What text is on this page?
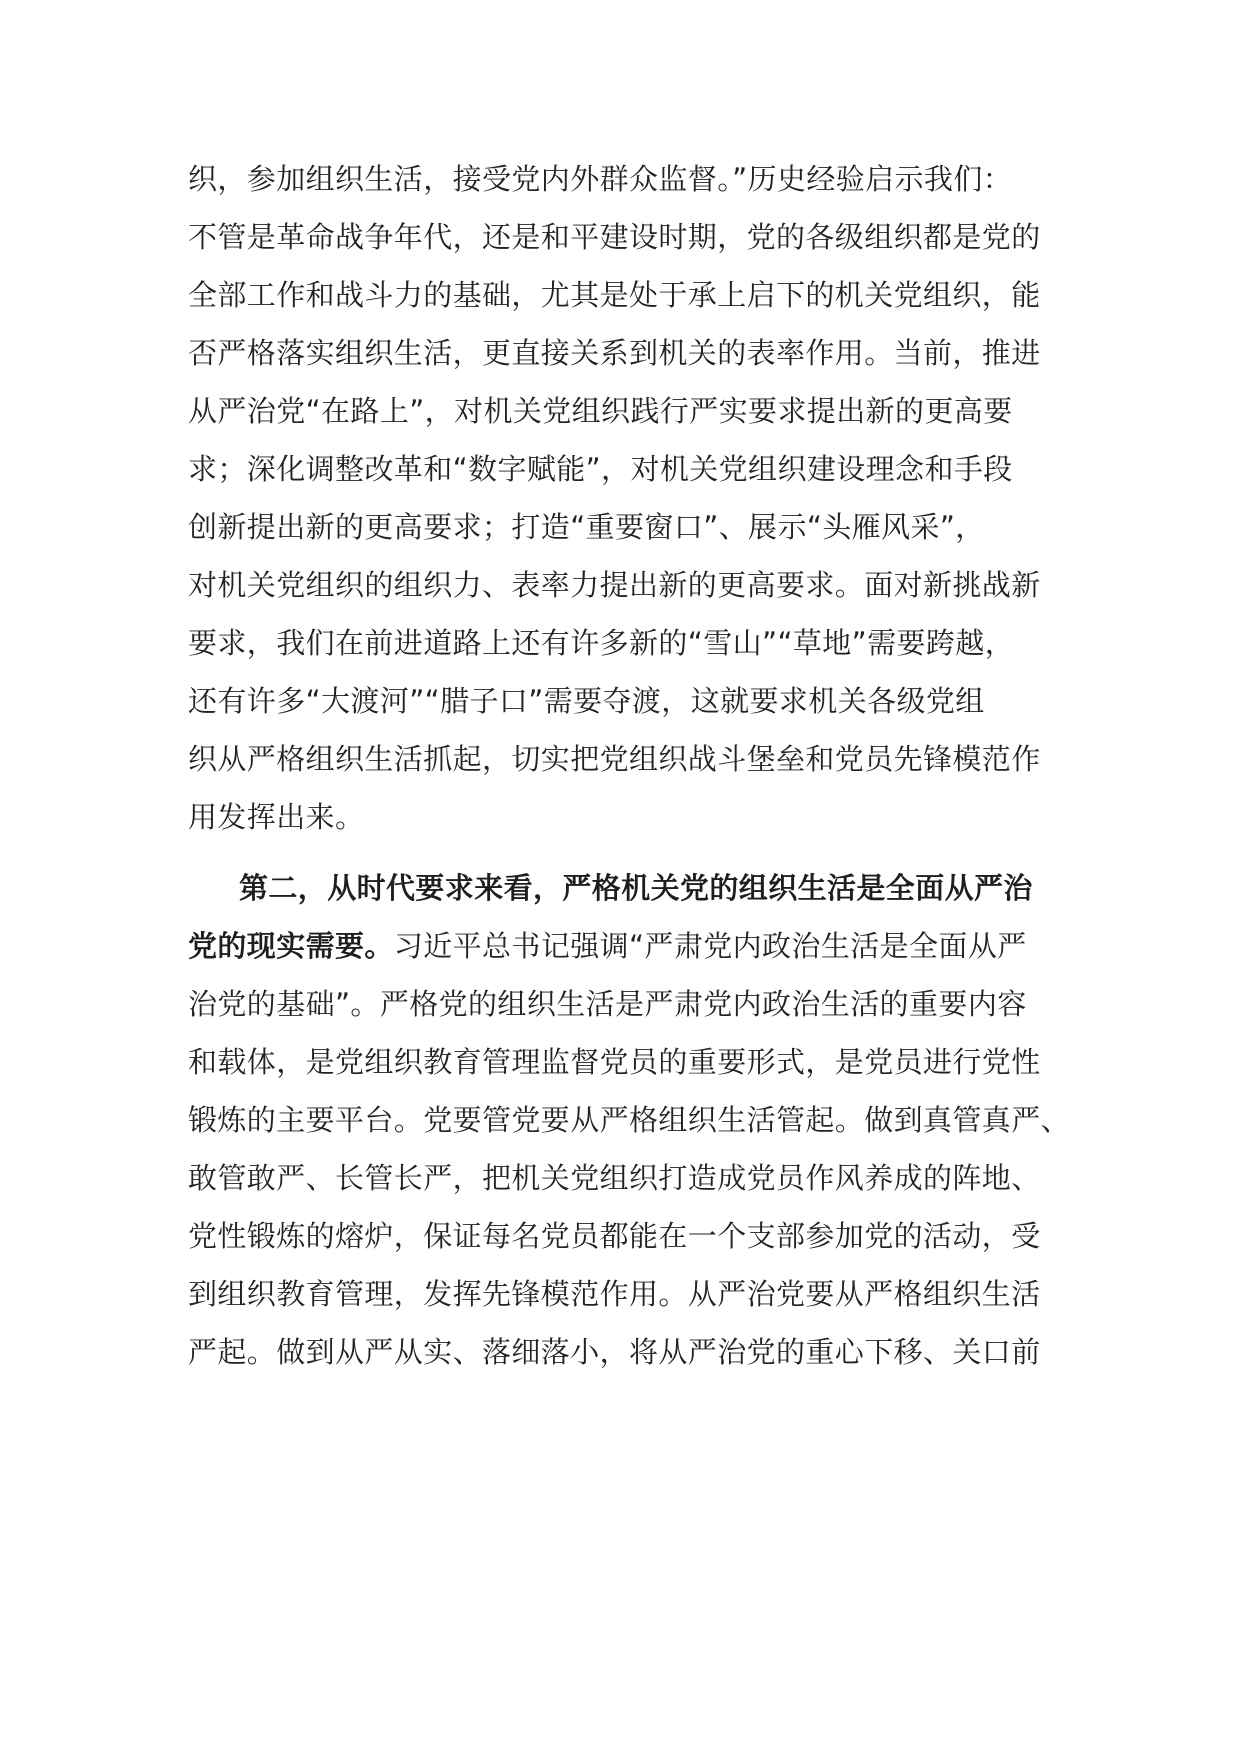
织，参加组织生活，接受党内外群众监督。”历史经验启示我们：
不管是革命战争年代，还是和平建设时期，党的各级组织都是党的
全部工作和战斗力的基础，尤其是处于承上启下的机关党组织，能
否严格落实组织生活，更直接关系到机关的表率作用。当前，推进
从严治党“在路上”，对机关党组织践行严实要求提出新的更高要
求；深化调整改革和“数字赋能”，对机关党组织建设理念和手段
创新提出新的更高要求；打造“重要窗口”、展示“头雁风采”，
对机关党组织的组织力、表率力提出新的更高要求。面对新挑战新
要求，我们在前进道路上还有许多新的“雪山”“草地”需要跨越，
还有许多“大渡河”“腊子口”需要夺渡，这就要求机关各级党组
织从严格组织生活抓起，切实把党组织战斗堡垒和党员先锋模范作
用发挥出来。
第二，从时代要求来看，严格机关党的组织生活是全面从严治
党的现实需要。习近平总书记强调“严肃党内政治生活是全面从严
治党的基础”。严格党的组织生活是严肃党内政治生活的重要内容
和载体，是党组织教育管理监督党员的重要形式，是党员进行党性
锻炼的主要平台。党要管党要从严格组织生活管起。做到真管真严、
敢管敢严、长管长严，把机关党组织打造成党员作风养成的阵地、
党性锻炼的熔炉，保证每名党员都能在一个支部参加党的活动，受
到组织教育管理，发挥先锋模范作用。从严治党要从严格组织生活
严起。做到从严从实、落细落小，将从严治党的重心下移、关口前
